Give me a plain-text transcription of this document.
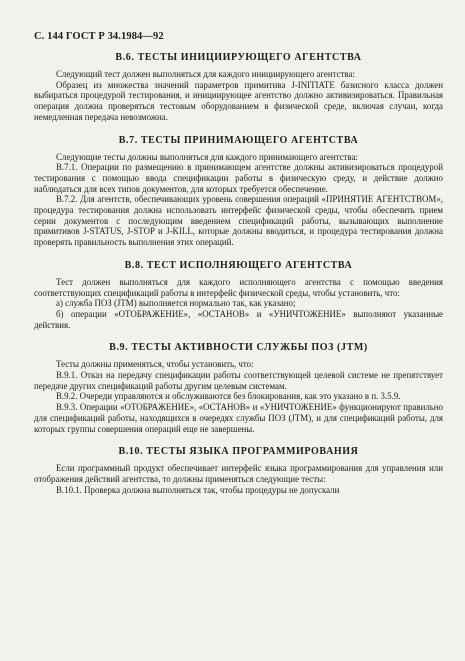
С. 144 ГОСТ Р 34.1984—92
В.6. ТЕСТЫ ИНИЦИИРУЮЩЕГО АГЕНТСТВА

Следующий тест должен выполняться для каждого инициирующего агентства:

Образец из множества значений параметров примитива J-INITIATE базисного класса должен выбираться процедурой тестирования, и инициирующее агентство должно активизироваться. Правильная операция должна проверяться тестовым оборудованием в физической среде, включая случаи, когда немедленная передача невозможна.

В.7. ТЕСТЫ ПРИНИМАЮЩЕГО АГЕНТСТВА

Следующие тесты должны выполняться для каждого принимающего агентства:

В.7.1. Операции по размещению в принимающем агентстве должны активизироваться процедурой тестирования с помощью ввода спецификации работы в физическую среду, и действие должно наблюдаться для всех типов документов, для которых требуется обеспечение.

В.7.2. Для агентств, обеспечивающих уровень совершения операций «ПРИНЯТИЕ АГЕНТСТВОМ», процедура тестирования должна использовать интерфейс физической среды, чтобы обеспечить прием серии документов с последующим введением спецификаций работы, вызывающих выполнение примитивов J-STATUS, J-STOP и J-KILL, которые должны вводиться, и процедура тестирования должна проверять правильность выполнения этих операций.

В.8. ТЕСТ ИСПОЛНЯЮЩЕГО АГЕНТСТВА

Тест должен выполняться для каждого исполняющего агентства с помощью введения соответствующих спецификаций работы в интерфейс физической среды, чтобы установить, что:

а) служба ПОЗ (JTM) выполняется нормально так, как указано;

б) операции «ОТОБРАЖЕНИЕ», «ОСТАНОВ» и «УНИЧТОЖЕНИЕ» выполняют указанные действия.

В.9. ТЕСТЫ АКТИВНОСТИ СЛУЖБЫ ПОЗ (JTM)

Тесты должны применяться, чтобы установить, что:

В.9.1. Отказ на передачу спецификации работы соответствующей целевой системе не препятствует передаче других спецификаций работы другим целевым системам.

В.9.2. Очереди управляются и обслуживаются без блокирования, как это указано в п. 3.5.9.

В.9.3. Операции «ОТОБРАЖЕНИЕ», «ОСТАНОВ» и «УНИЧТОЖЕНИЕ» функционируют правильно для спецификаций работы, находящихся в очередях службы ПОЗ (JTM), и для спецификаций работы, для которых группы совершения операций еще не завершены.

В.10. ТЕСТЫ ЯЗЫКА ПРОГРАММИРОВАНИЯ

Если программный продукт обеспечивает интерфейс языка программирования для управления или отображения действий агентства, то должны применяться следующие тесты:

В.10.1. Проверка должна выполняться так, чтобы процедуры не допускали
